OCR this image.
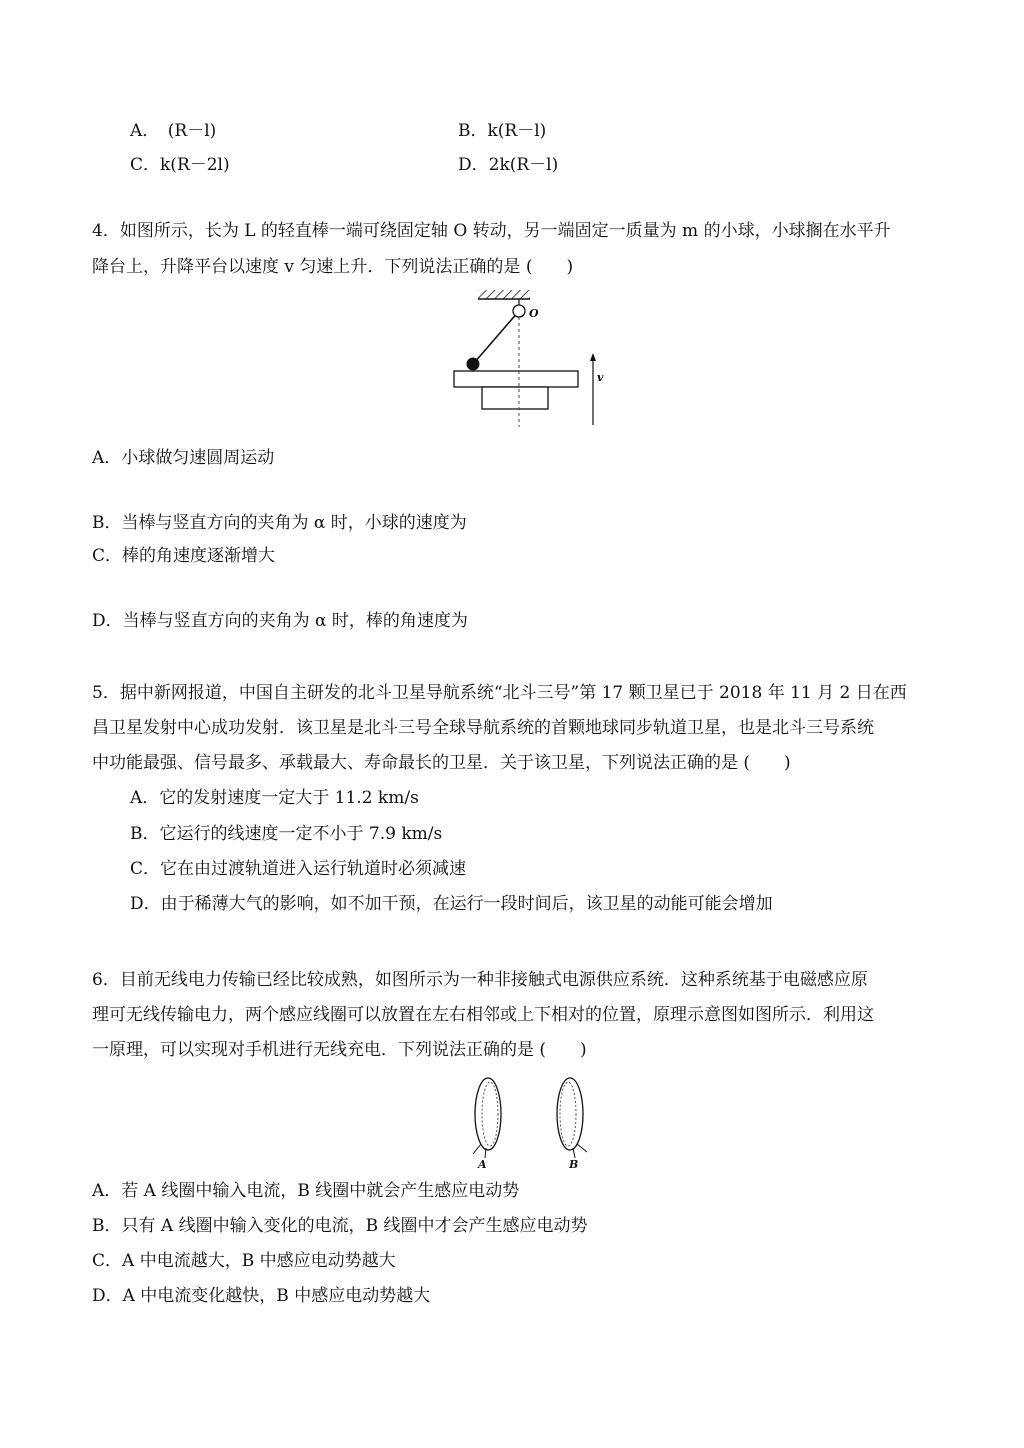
A．　(R－l)	B．k(R－l)
C．k(R－2l)	D．2k(R－l)
4．如图所示，长为 L 的轻直棒一端可绕固定轴 O 转动，另一端固定一质量为 m 的小球，小球搁在水平升
降台上，升降平台以速度 v 匀速上升．下列说法正确的是 (　　)
O
v
A．小球做匀速圆周运动
B．当棒与竖直方向的夹角为 α 时，小球的速度为
C．棒的角速度逐渐增大
D．当棒与竖直方向的夹角为 α 时，棒的角速度为
5．据中新网报道，中国自主研发的北斗卫星导航系统“北斗三号”第 17 颗卫星已于 2018 年 11 月 2 日在西
昌卫星发射中心成功发射．该卫星是北斗三号全球导航系统的首颗地球同步轨道卫星，也是北斗三号系统
中功能最强、信号最多、承载最大、寿命最长的卫星．关于该卫星，下列说法正确的是 (　　)
A．它的发射速度一定大于 11.2 km/s
B．它运行的线速度一定不小于 7.9 km/s
C．它在由过渡轨道进入运行轨道时必须减速
D．由于稀薄大气的影响，如不加干预，在运行一段时间后，该卫星的动能可能会增加
6．目前无线电力传输已经比较成熟，如图所示为一种非接触式电源供应系统．这种系统基于电磁感应原
理可无线传输电力，两个感应线圈可以放置在左右相邻或上下相对的位置，原理示意图如图所示．利用这
一原理，可以实现对手机进行无线充电．下列说法正确的是 (　　)
A	B
A．若 A 线圈中输入电流，B 线圈中就会产生感应电动势
B．只有 A 线圈中输入变化的电流，B 线圈中才会产生感应电动势
C．A 中电流越大，B 中感应电动势越大
D．A 中电流变化越快，B 中感应电动势越大
